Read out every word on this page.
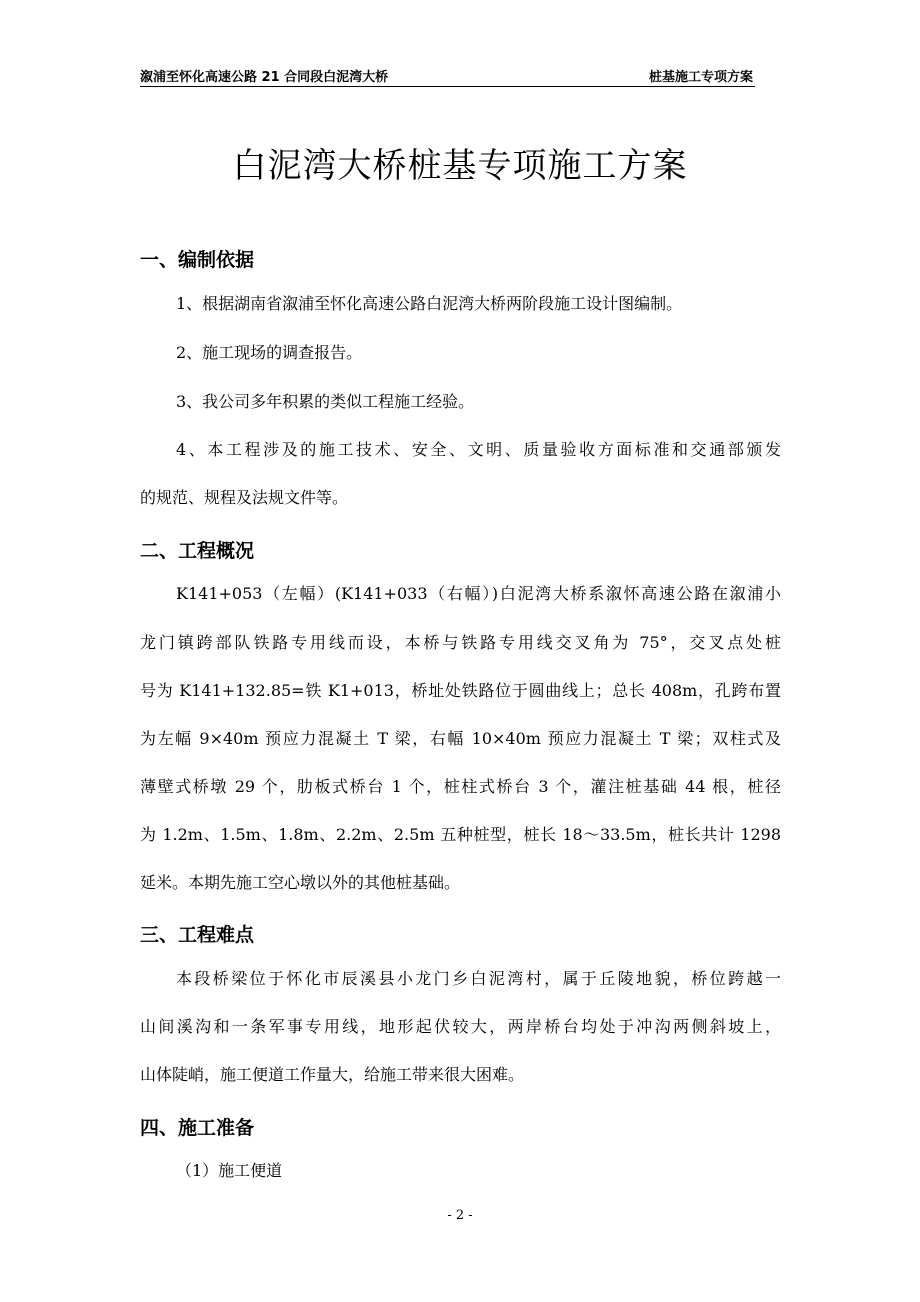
溆浦至怀化高速公路 21 合同段白泥湾大桥	桩基施工专项方案
白泥湾大桥桩基专项施工方案
一、编制依据
1、根据湖南省溆浦至怀化高速公路白泥湾大桥两阶段施工设计图编制。
2、施工现场的调查报告。
3、我公司多年积累的类似工程施工经验。
4、本工程涉及的施工技术、安全、文明、质量验收方面标准和交通部颁发
的规范、规程及法规文件等。
二、工程概况
K141+053（左幅）(K141+033（右幅）)白泥湾大桥系溆怀高速公路在溆浦小
龙门镇跨部队铁路专用线而设，本桥与铁路专用线交叉角为 75°，交叉点处桩
号为 K141+132.85=铁 K1+013，桥址处铁路位于圆曲线上；总长 408m，孔跨布置
为左幅 9×40m 预应力混凝土 T 梁，右幅 10×40m 预应力混凝土 T 梁；双柱式及
薄壁式桥墩 29 个，肋板式桥台 1 个，桩柱式桥台 3 个，灌注桩基础 44 根，桩径
为 1.2m、1.5m、1.8m、2.2m、2.5m 五种桩型，桩长 18～33.5m，桩长共计 1298
延米。本期先施工空心墩以外的其他桩基础。
三、工程难点
本段桥梁位于怀化市辰溪县小龙门乡白泥湾村，属于丘陵地貌，桥位跨越一
山间溪沟和一条军事专用线，地形起伏较大，两岸桥台均处于冲沟两侧斜坡上，
山体陡峭，施工便道工作量大，给施工带来很大困难。
四、施工准备
（1）施工便道
- 2 -
